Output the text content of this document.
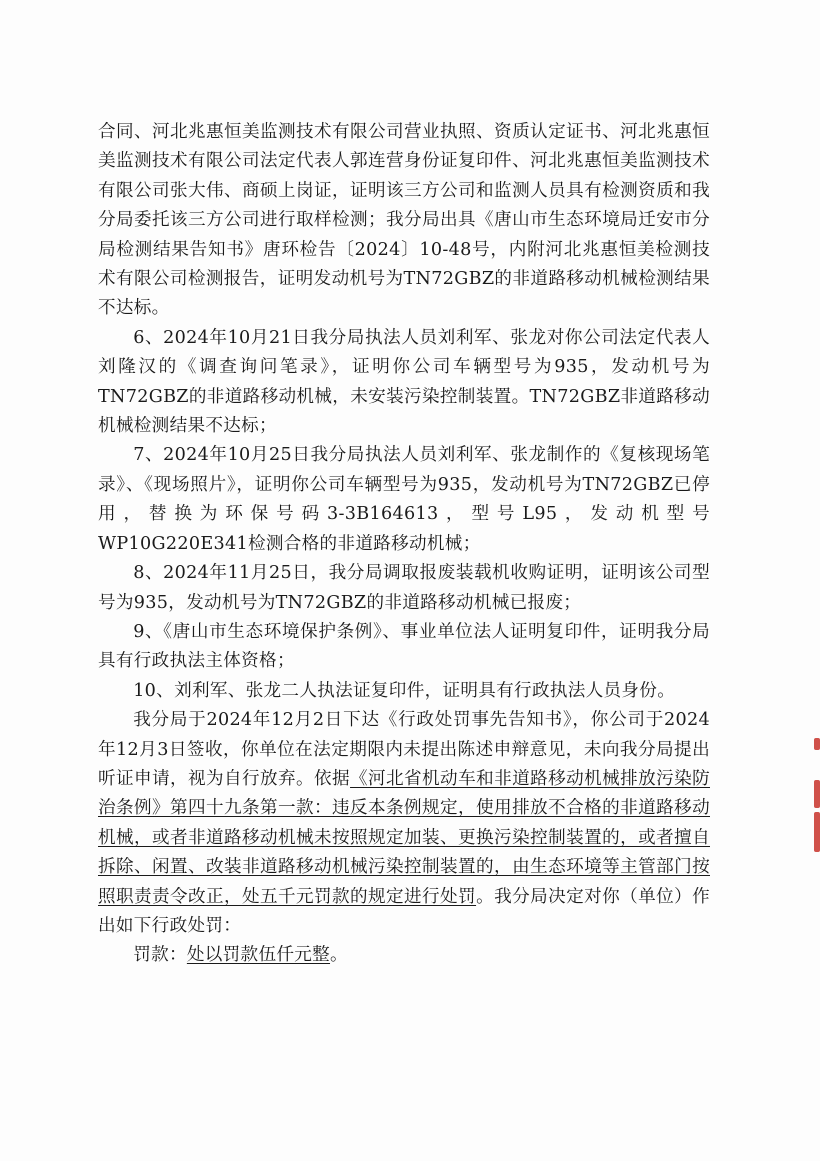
合同、河北兆惠恒美监测技术有限公司营业执照、资质认定证书、河北兆惠恒美监测技术有限公司法定代表人郭连营身份证复印件、河北兆惠恒美监测技术有限公司张大伟、商硕上岗证，证明该三方公司和监测人员具有检测资质和我分局委托该三方公司进行取样检测；我分局出具《唐山市生态环境局迁安市分局检测结果告知书》唐环检告〔2024〕10-48号，内附河北兆惠恒美检测技术有限公司检测报告，证明发动机号为TN72GBZ的非道路移动机械检测结果不达标。

6、2024年10月21日我分局执法人员刘利军、张龙对你公司法定代表人刘隆汉的《调查询问笔录》，证明你公司车辆型号为935，发动机号为TN72GBZ的非道路移动机械，未安装污染控制装置。TN72GBZ非道路移动机械检测结果不达标；

7、2024年10月25日我分局执法人员刘利军、张龙制作的《复核现场笔录》、《现场照片》，证明你公司车辆型号为935，发动机号为TN72GBZ已停用，替换为环保号码3-3B164613，型号L95，发动机型号WP10G220E341检测合格的非道路移动机械；

8、2024年11月25日，我分局调取报废装载机收购证明，证明该公司型号为935，发动机号为TN72GBZ的非道路移动机械已报废；

9、《唐山市生态环境保护条例》、事业单位法人证明复印件，证明我分局具有行政执法主体资格；

10、刘利军、张龙二人执法证复印件，证明具有行政执法人员身份。

我分局于2024年12月2日下达《行政处罚事先告知书》，你公司于2024年12月3日签收，你单位在法定期限内未提出陈述申辩意见，未向我分局提出听证申请，视为自行放弃。依据《河北省机动车和非道路移动机械排放污染防治条例》第四十九条第一款：违反本条例规定，使用排放不合格的非道路移动机械，或者非道路移动机械未按照规定加装、更换污染控制装置的，或者擅自拆除、闲置、改装非道路移动机械污染控制装置的，由生态环境等主管部门按照职责责令改正，处五千元罚款的规定进行处罚。我分局决定对你（单位）作出如下行政处罚：

罚款：处以罚款伍仟元整。
